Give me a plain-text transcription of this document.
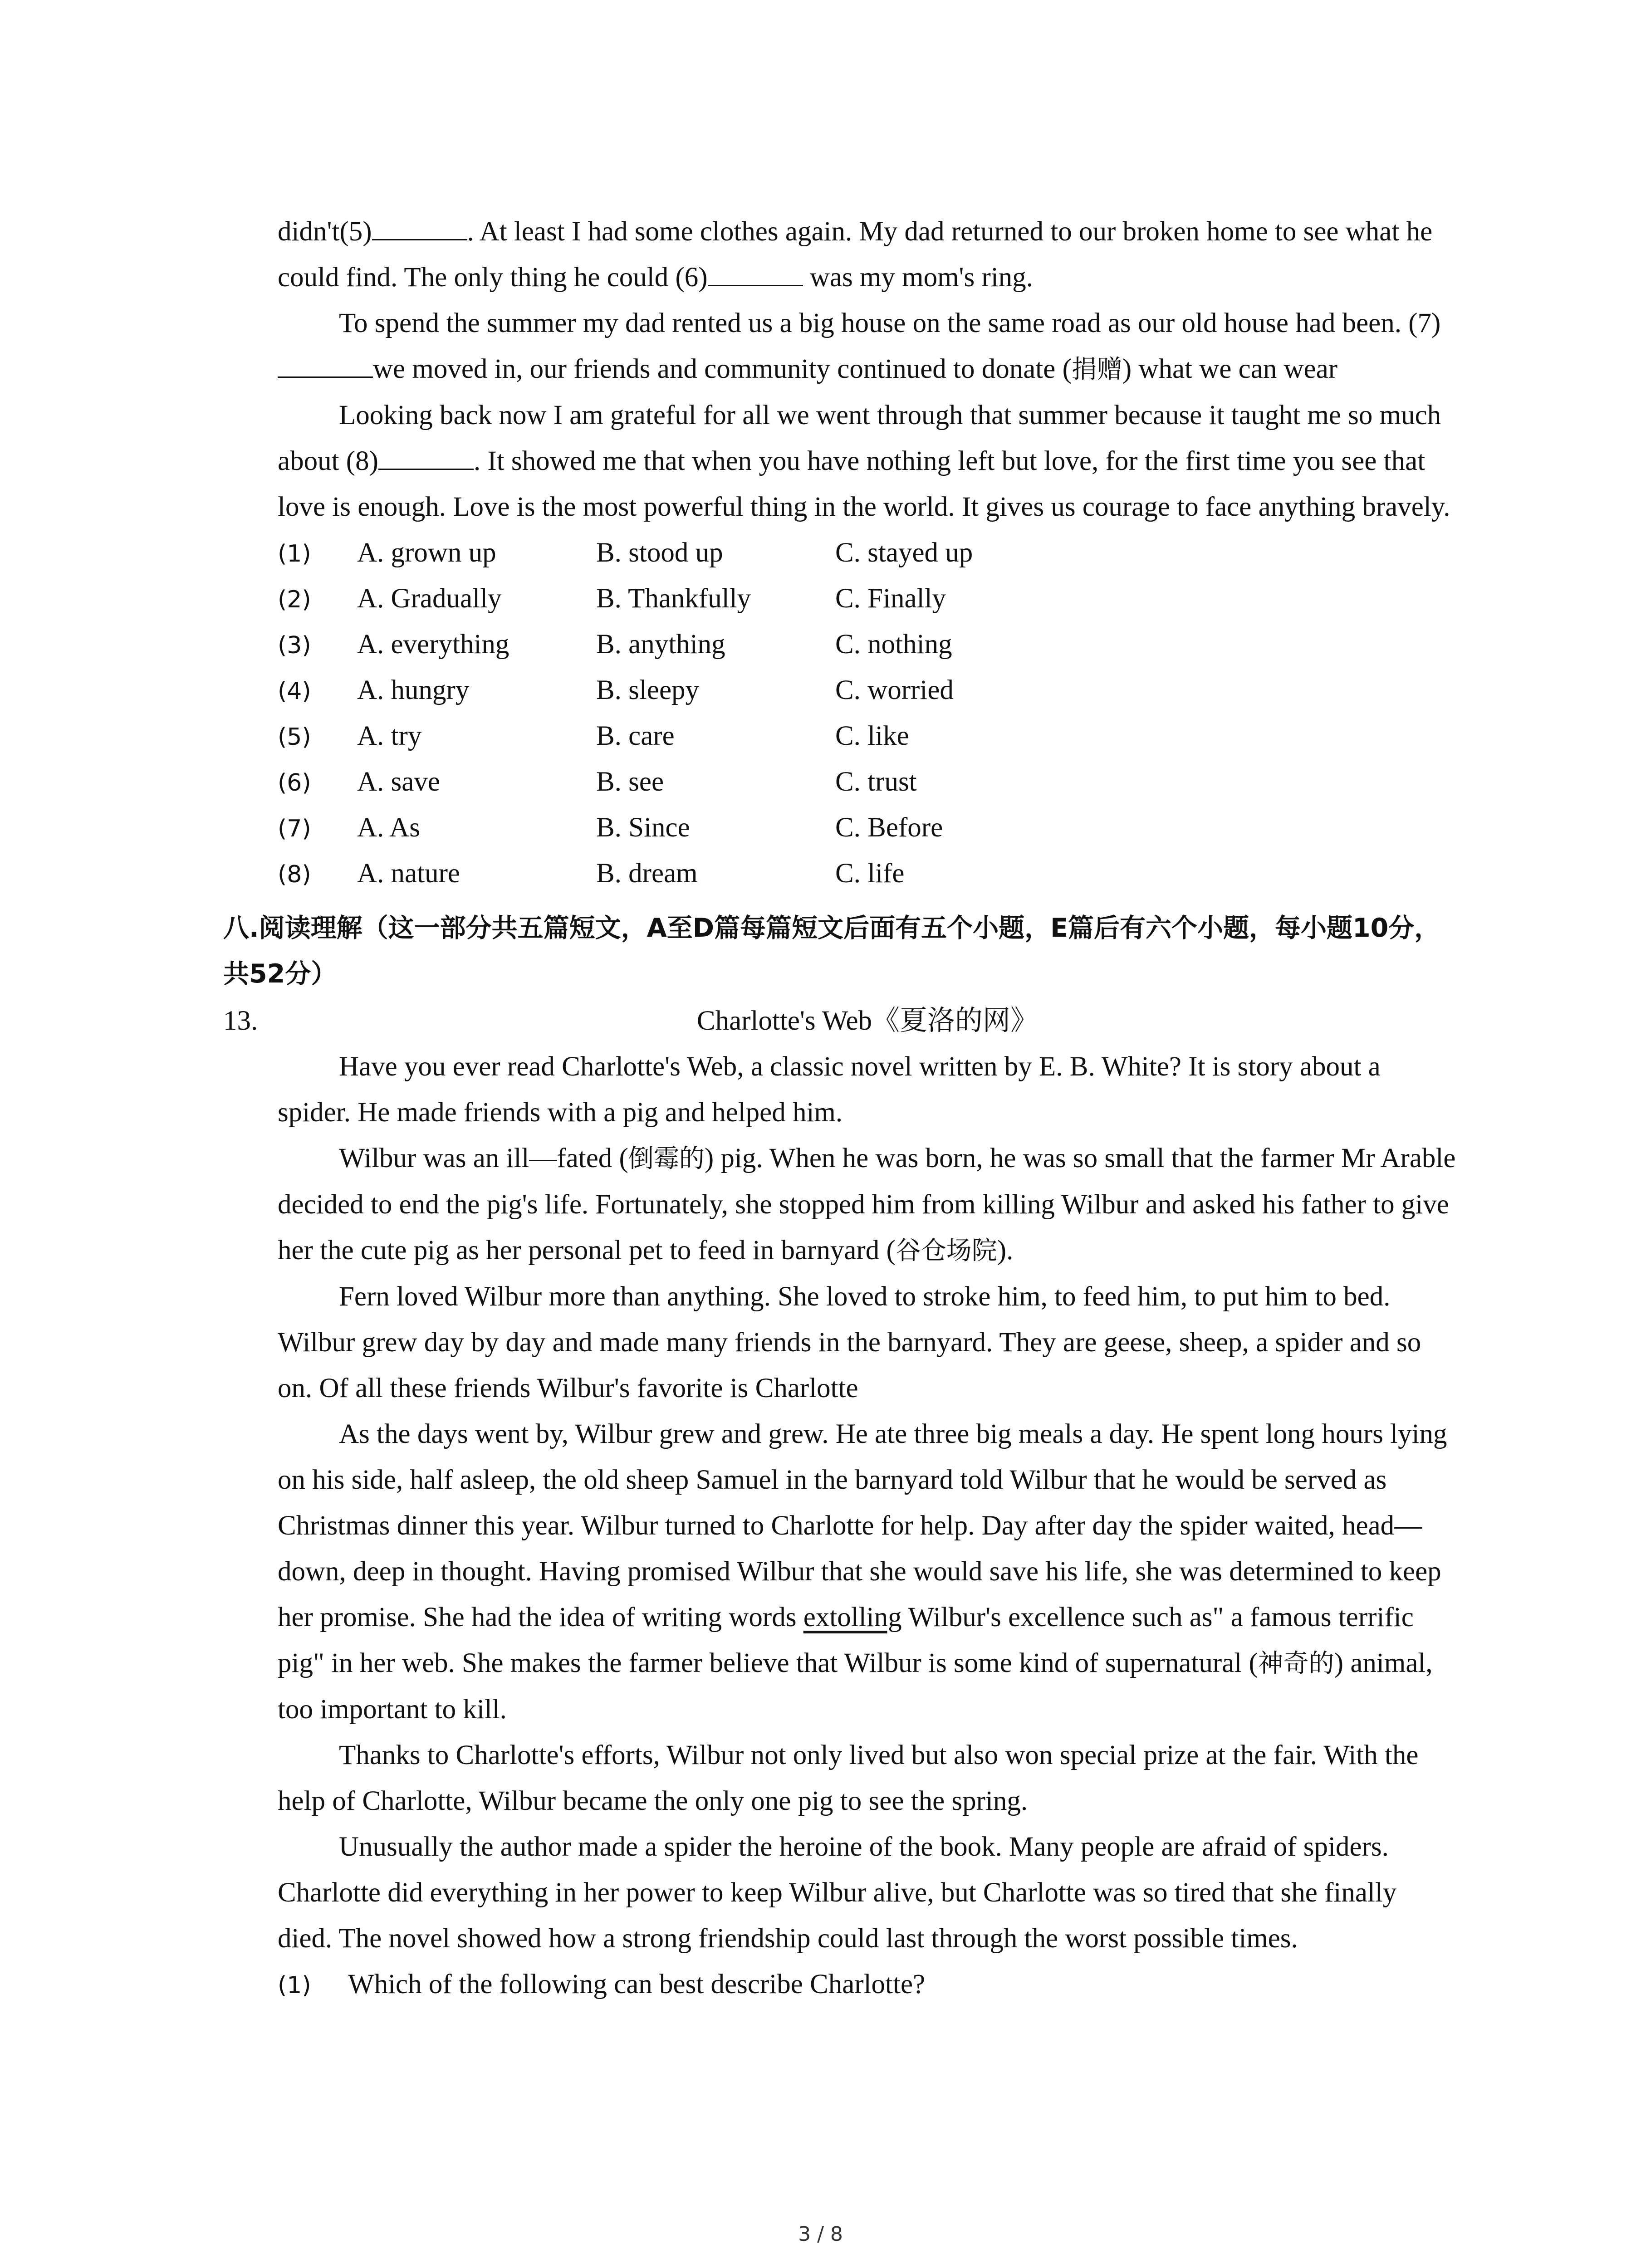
didn't(5)	. At least I had some clothes again. My dad returned to our broken home to see what he could find. The only thing he could (6)	was my mom's ring.

To spend the summer my dad rented us a big house on the same road as our old house had been. (7)we moved in, our friends and community continued to donate (捐赠) what we can wear

Looking back now I am grateful for all we went through that summer because it taught me so much about (8)	. It showed me that when you have nothing left but love, for the first time you see that love is enough. Love is the most powerful thing in the world. It gives us courage to face anything bravely.

(1)	A. grown up	B. stood up	C. stayed up
(2)	A. Gradually	B. Thankfully	C. Finally
(3)	A. everything	B. anything	C. nothing
(4)	A. hungry	B. sleepy	C. worried
(5)	A. try	B. care	C. like
(6)	A. save	B. see	C. trust
(7)	A. As	B. Since	C. Before
(8)	A. nature	B. dream	C. life
八.阅读理解（这一部分共五篇短文，A至D篇每篇短文后面有五个小题，E篇后有六个小题，每小题10分，共52分）
13.	Charlotte's Web《夏洛的网》

Have you ever read Charlotte's Web, a classic novel written by E. B. White? It is story about a spider. He made friends with a pig and helped him.

Wilbur was an ill—fated (倒霉的) pig. When he was born, he was so small that the farmer Mr Arable decided to end the pig's life. Fortunately, she stopped him from killing Wilbur and asked his father to give her the cute pig as her personal pet to feed in barnyard (谷仓场院).

Fern loved Wilbur more than anything. She loved to stroke him, to feed him, to put him to bed. Wilbur grew day by day and made many friends in the barnyard. They are geese, sheep, a spider and so on. Of all these friends Wilbur's favorite is Charlotte

As the days went by, Wilbur grew and grew. He ate three big meals a day. He spent long hours lying on his side, half asleep, the old sheep Samuel in the barnyard told Wilbur that he would be served as Christmas dinner this year. Wilbur turned to Charlotte for help. Day after day the spider waited, head—down, deep in thought. Having promised Wilbur that she would save his life, she was determined to keep her promise. She had the idea of writing words extolling Wilbur's excellence such as" a famous terrific pig" in her web. She makes the farmer believe that Wilbur is some kind of supernatural (神奇的) animal, too important to kill.

Thanks to Charlotte's efforts, Wilbur not only lived but also won special prize at the fair. With the help of Charlotte, Wilbur became the only one pig to see the spring.

Unusually the author made a spider the heroine of the book. Many people are afraid of spiders. Charlotte did everything in her power to keep Wilbur alive, but Charlotte was so tired that she finally died. The novel showed how a strong friendship could last through the worst possible times.

(1)	Which of the following can best describe Charlotte?
3 / 8
